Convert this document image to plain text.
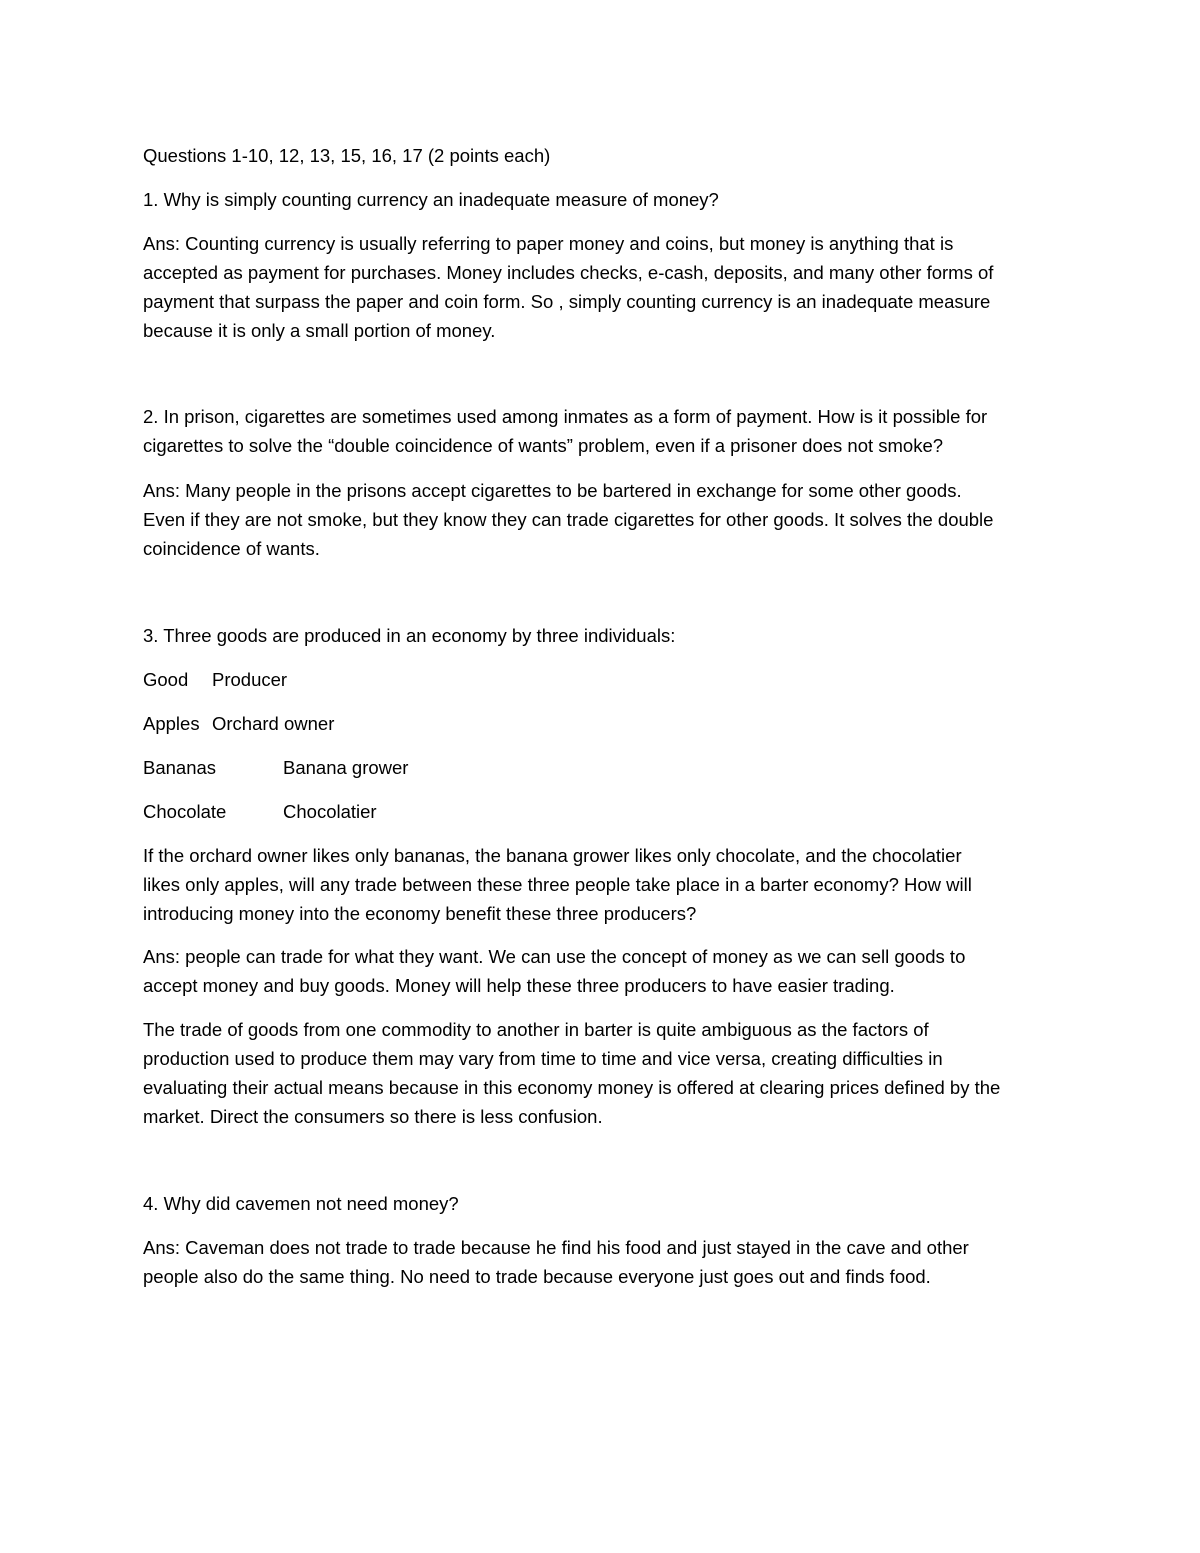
Questions 1-10, 12, 13, 15, 16, 17 (2 points each)

1. Why is simply counting currency an inadequate measure of money?

Ans: Counting currency is usually referring to paper money and coins, but money is anything that is

accepted as payment for purchases. Money includes checks, e-cash, deposits, and many other forms of

payment that surpass the paper and coin form. So , simply counting currency is an inadequate measure

because it is only a small portion of money.

2. In prison, cigarettes are sometimes used among inmates as a form of payment. How is it possible for

cigarettes to solve the “double coincidence of wants” problem, even if a prisoner does not smoke?

Ans: Many people in the prisons accept cigarettes to be bartered in exchange for some other goods.

Even if they are not smoke, but they know they can trade cigarettes for other goods. It solves the double

coincidence of wants.

3. Three goods are produced in an economy by three individuals:

Good Producer
Apples Orchard owner
Bananas	Banana grower
Chocolate	Chocolatier

If the orchard owner likes only bananas, the banana grower likes only chocolate, and the chocolatier

likes only apples, will any trade between these three people take place in a barter economy? How will

introducing money into the economy benefit these three producers?

Ans: people can trade for what they want. We can use the concept of money as we can sell goods to

accept money and buy goods. Money will help these three producers to have easier trading.

The trade of goods from one commodity to another in barter is quite ambiguous as the factors of

production used to produce them may vary from time to time and vice versa, creating difficulties in

evaluating their actual means because in this economy money is offered at clearing prices defined by the

market. Direct the consumers so there is less confusion.

4. Why did cavemen not need money?

Ans: Caveman does not trade to trade because he find his food and just stayed in the cave and other

people also do the same thing. No need to trade because everyone just goes out and finds food.
